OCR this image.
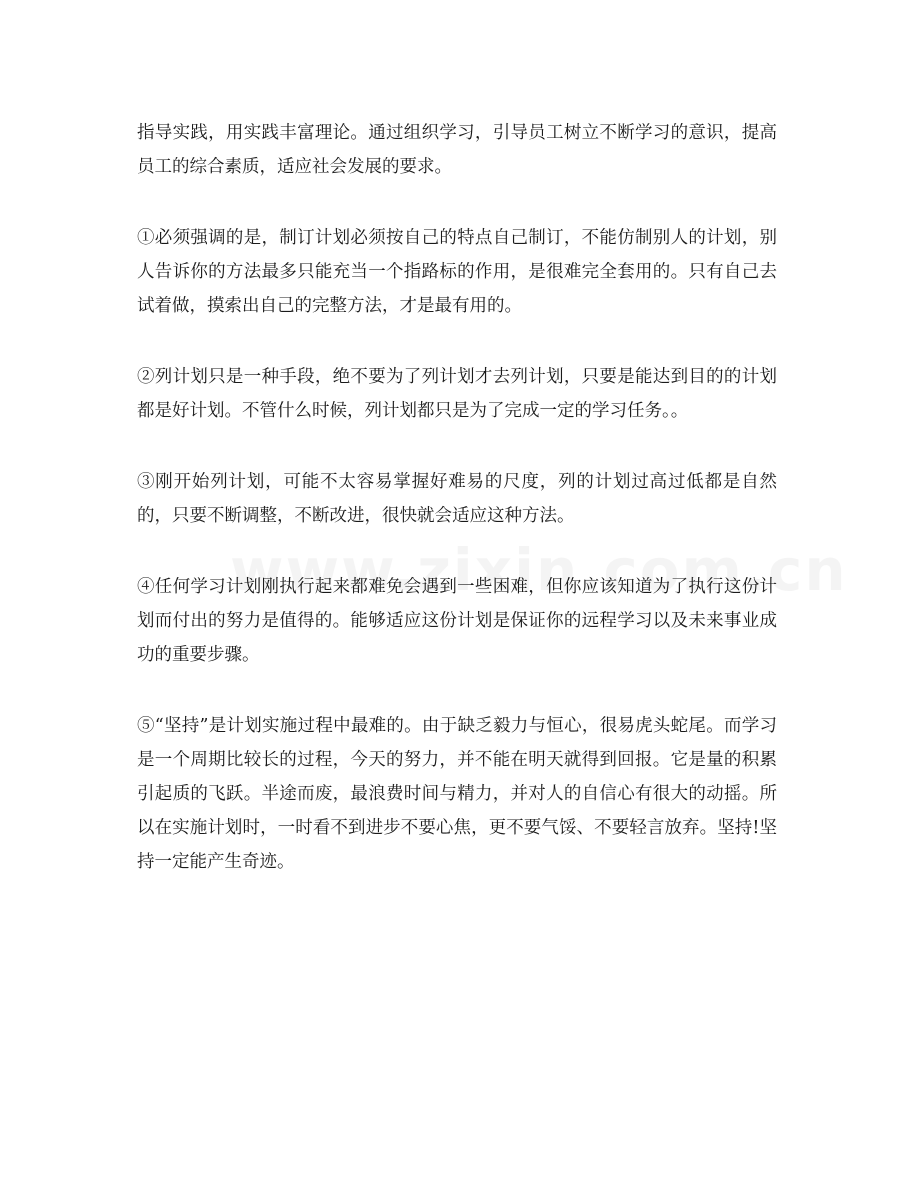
指导实践，用实践丰富理论。通过组织学习，引导员工树立不断学习的意识，提高员工的综合素质，适应社会发展的要求。

①必须强调的是，制订计划必须按自己的特点自己制订，不能仿制别人的计划，别人告诉你的方法最多只能充当一个指路标的作用，是很难完全套用的。只有自己去试着做，摸索出自己的完整方法，才是最有用的。

②列计划只是一种手段，绝不要为了列计划才去列计划，只要是能达到目的的计划都是好计划。不管什么时候，列计划都只是为了完成一定的学习任务。。

③刚开始列计划，可能不太容易掌握好难易的尺度，列的计划过高过低都是自然的，只要不断调整，不断改进，很快就会适应这种方法。

④任何学习计划刚执行起来都难免会遇到一些困难，但你应该知道为了执行这份计划而付出的努力是值得的。能够适应这份计划是保证你的远程学习以及未来事业成功的重要步骤。

⑤“坚持”是计划实施过程中最难的。由于缺乏毅力与恒心，很易虎头蛇尾。而学习是一个周期比较长的过程，今天的努力，并不能在明天就得到回报。它是量的积累引起质的飞跃。半途而废，最浪费时间与精力，并对人的自信心有很大的动摇。所以在实施计划时，一时看不到进步不要心焦，更不要气馁、不要轻言放弃。坚持!坚持一定能产生奇迹。
